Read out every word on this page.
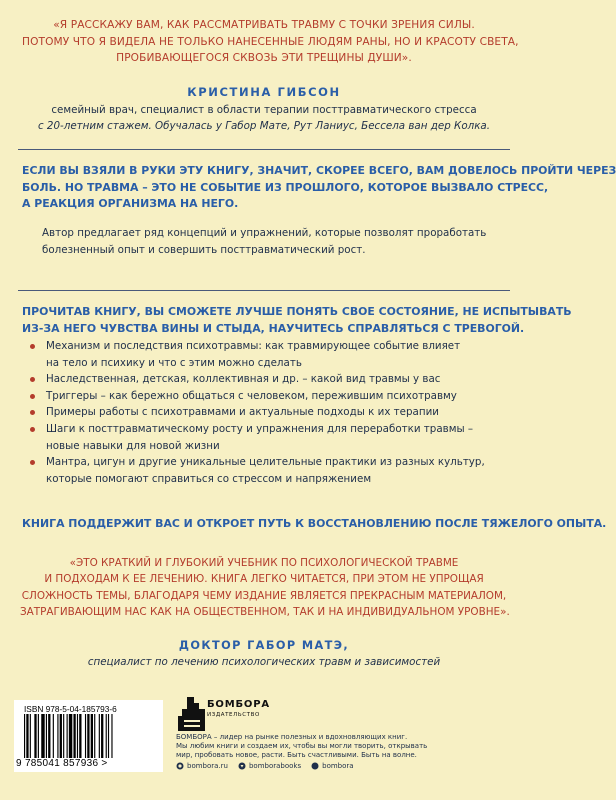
«Я РАССКАЖУ ВАМ, КАК РАССМАТРИВАТЬ ТРАВМУ С ТОЧКИ ЗРЕНИЯ СИЛЫ.
ПОТОМУ ЧТО Я ВИДЕЛА НЕ ТОЛЬКО НАНЕСЕННЫЕ ЛЮДЯМ РАНЫ, НО И КРАСОТУ СВЕТА,
ПРОБИВАЮЩЕГОСЯ СКВОЗЬ ЭТИ ТРЕЩИНЫ ДУШИ».
КРИСТИНА ГИБСОН
семейный врач, специалист в области терапии посттравматического стресса
с 20-летним стажем. Обучалась у Габор Мате, Рут Ланиус, Бессела ван дер Колка.
ЕСЛИ ВЫ ВЗЯЛИ В РУКИ ЭТУ КНИГУ, ЗНАЧИТ, СКОРЕЕ ВСЕГО, ВАМ ДОВЕЛОСЬ ПРОЙТИ ЧЕРЕЗ
БОЛЬ. НО ТРАВМА – ЭТО НЕ СОБЫТИЕ ИЗ ПРОШЛОГО, КОТОРОЕ ВЫЗВАЛО СТРЕСС,
А РЕАКЦИЯ ОРГАНИЗМА НА НЕГО.
Автор предлагает ряд концепций и упражнений, которые позволят проработать
болезненный опыт и совершить посттравматический рост.
ПРОЧИТАВ КНИГУ, ВЫ СМОЖЕТЕ ЛУЧШЕ ПОНЯТЬ СВОЕ СОСТОЯНИЕ, НЕ ИСПЫТЫВАТЬ
ИЗ-ЗА НЕГО ЧУВСТВА ВИНЫ И СТЫДА, НАУЧИТЕСЬ СПРАВЛЯТЬСЯ С ТРЕВОГОЙ.
Механизм и последствия психотравмы: как травмирующее событие влияет
на тело и психику и что с этим можно сделать
Наследственная, детская, коллективная и др. – какой вид травмы у вас
Триггеры – как бережно общаться с человеком, пережившим психотравму
Примеры работы с психотравмами и актуальные подходы к их терапии
Шаги к посттравматическому росту и упражнения для переработки травмы –
новые навыки для новой жизни
Мантра, цигун и другие уникальные целительные практики из разных культур,
которые помогают справиться со стрессом и напряжением
КНИГА ПОДДЕРЖИТ ВАС И ОТКРОЕТ ПУТЬ К ВОССТАНОВЛЕНИЮ ПОСЛЕ ТЯЖЕЛОГО ОПЫТА.
«ЭТО КРАТКИЙ И ГЛУБОКИЙ УЧЕБНИК ПО ПСИХОЛОГИЧЕСКОЙ ТРАВМЕ
И ПОДХОДАМ К ЕЕ ЛЕЧЕНИЮ. КНИГА ЛЕГКО ЧИТАЕТСЯ, ПРИ ЭТОМ НЕ УПРОЩАЯ
СЛОЖНОСТЬ ТЕМЫ, БЛАГОДАРЯ ЧЕМУ ИЗДАНИЕ ЯВЛЯЕТСЯ ПРЕКРАСНЫМ МАТЕРИАЛОМ,
ЗАТРАГИВАЮЩИМ НАС КАК НА ОБЩЕСТВЕННОМ, ТАК И НА ИНДИВИДУАЛЬНОМ УРОВНЕ».
ДОКТОР ГАБОР МАТЭ,
специалист по лечению психологических травм и зависимостей
ISBN 978-5-04-185793-6
9 785041 857936 >
БОМБОРА
ИЗДАТЕЛЬСТВО
БОМБОРА – лидер на рынке полезных и вдохновляющих книг.
Мы любим книги и создаем их, чтобы вы могли творить, открывать
мир, пробовать новое, расти. Быть счастливыми. Быть на волне.
bombora.ru	bomborabooks	bombora
